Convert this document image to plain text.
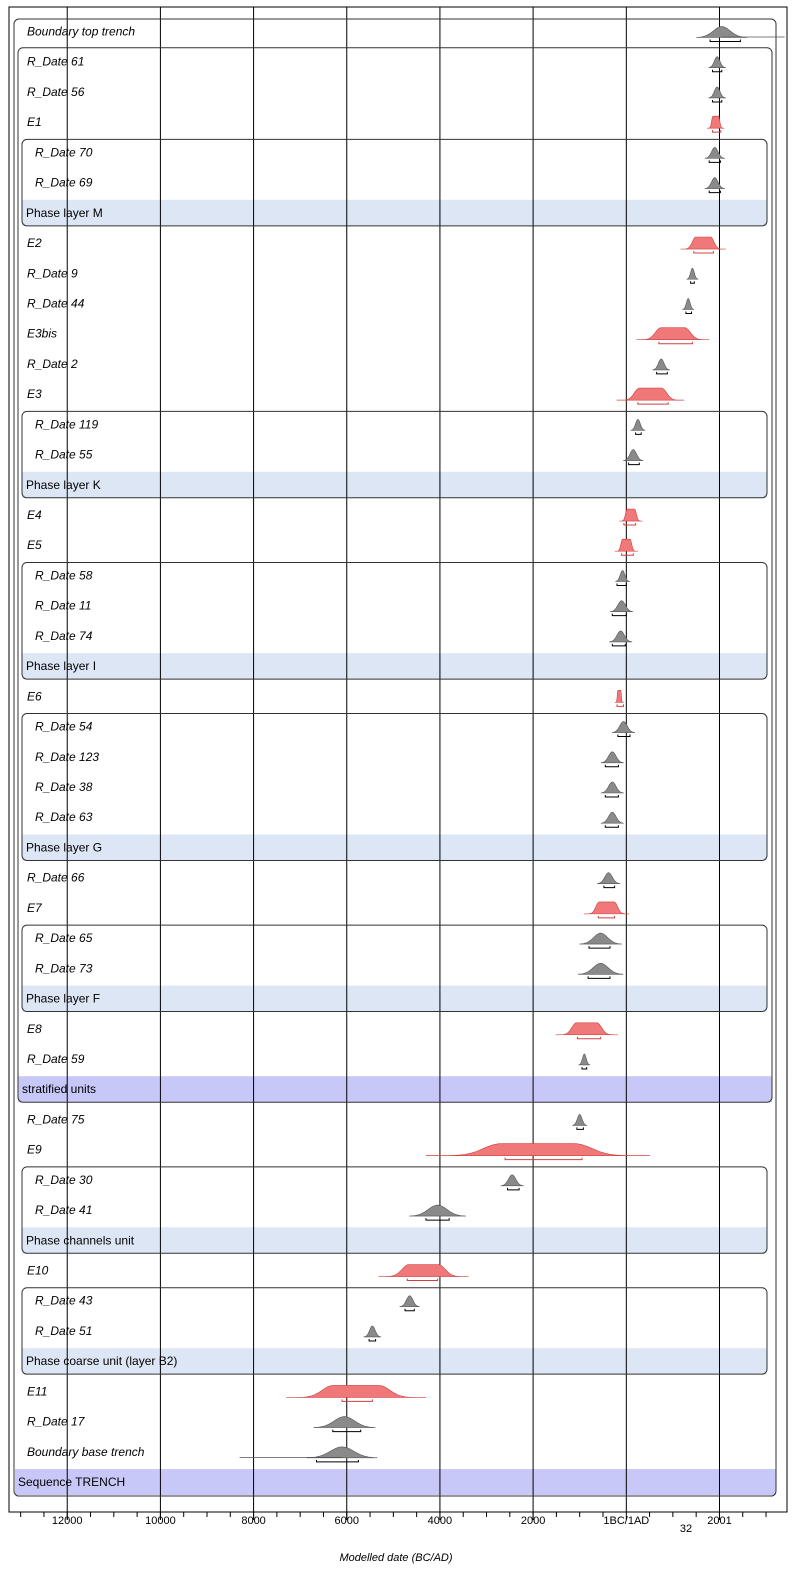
Boundary top trench
R_Date 61
R_Date 56
E1
R_Date 70
R_Date 69
Phase layer M
E2
R_Date 9
R_Date 44
E3bis
R_Date 2
E3
R_Date 119
R_Date 55
Phase layer K
E4
E5
R_Date 58
R_Date 11
R_Date 74
Phase layer I
E6
R_Date 54
R_Date 123
R_Date 38
R_Date 63
Phase layer G
R_Date 66
E7
R_Date 65
R_Date 73
Phase layer F
E8
R_Date 59
stratified units
R_Date 75
E9
R_Date 30
R_Date 41
Phase channels unit
E10
R_Date 43
R_Date 51
Phase coarse unit (layer B2)
E11
R_Date 17
Boundary base trench
Sequence TRENCH
12000	10000	8000	6000	4000	2000	1BC/1AD	2001
Modelled date (BC/AD)
32
